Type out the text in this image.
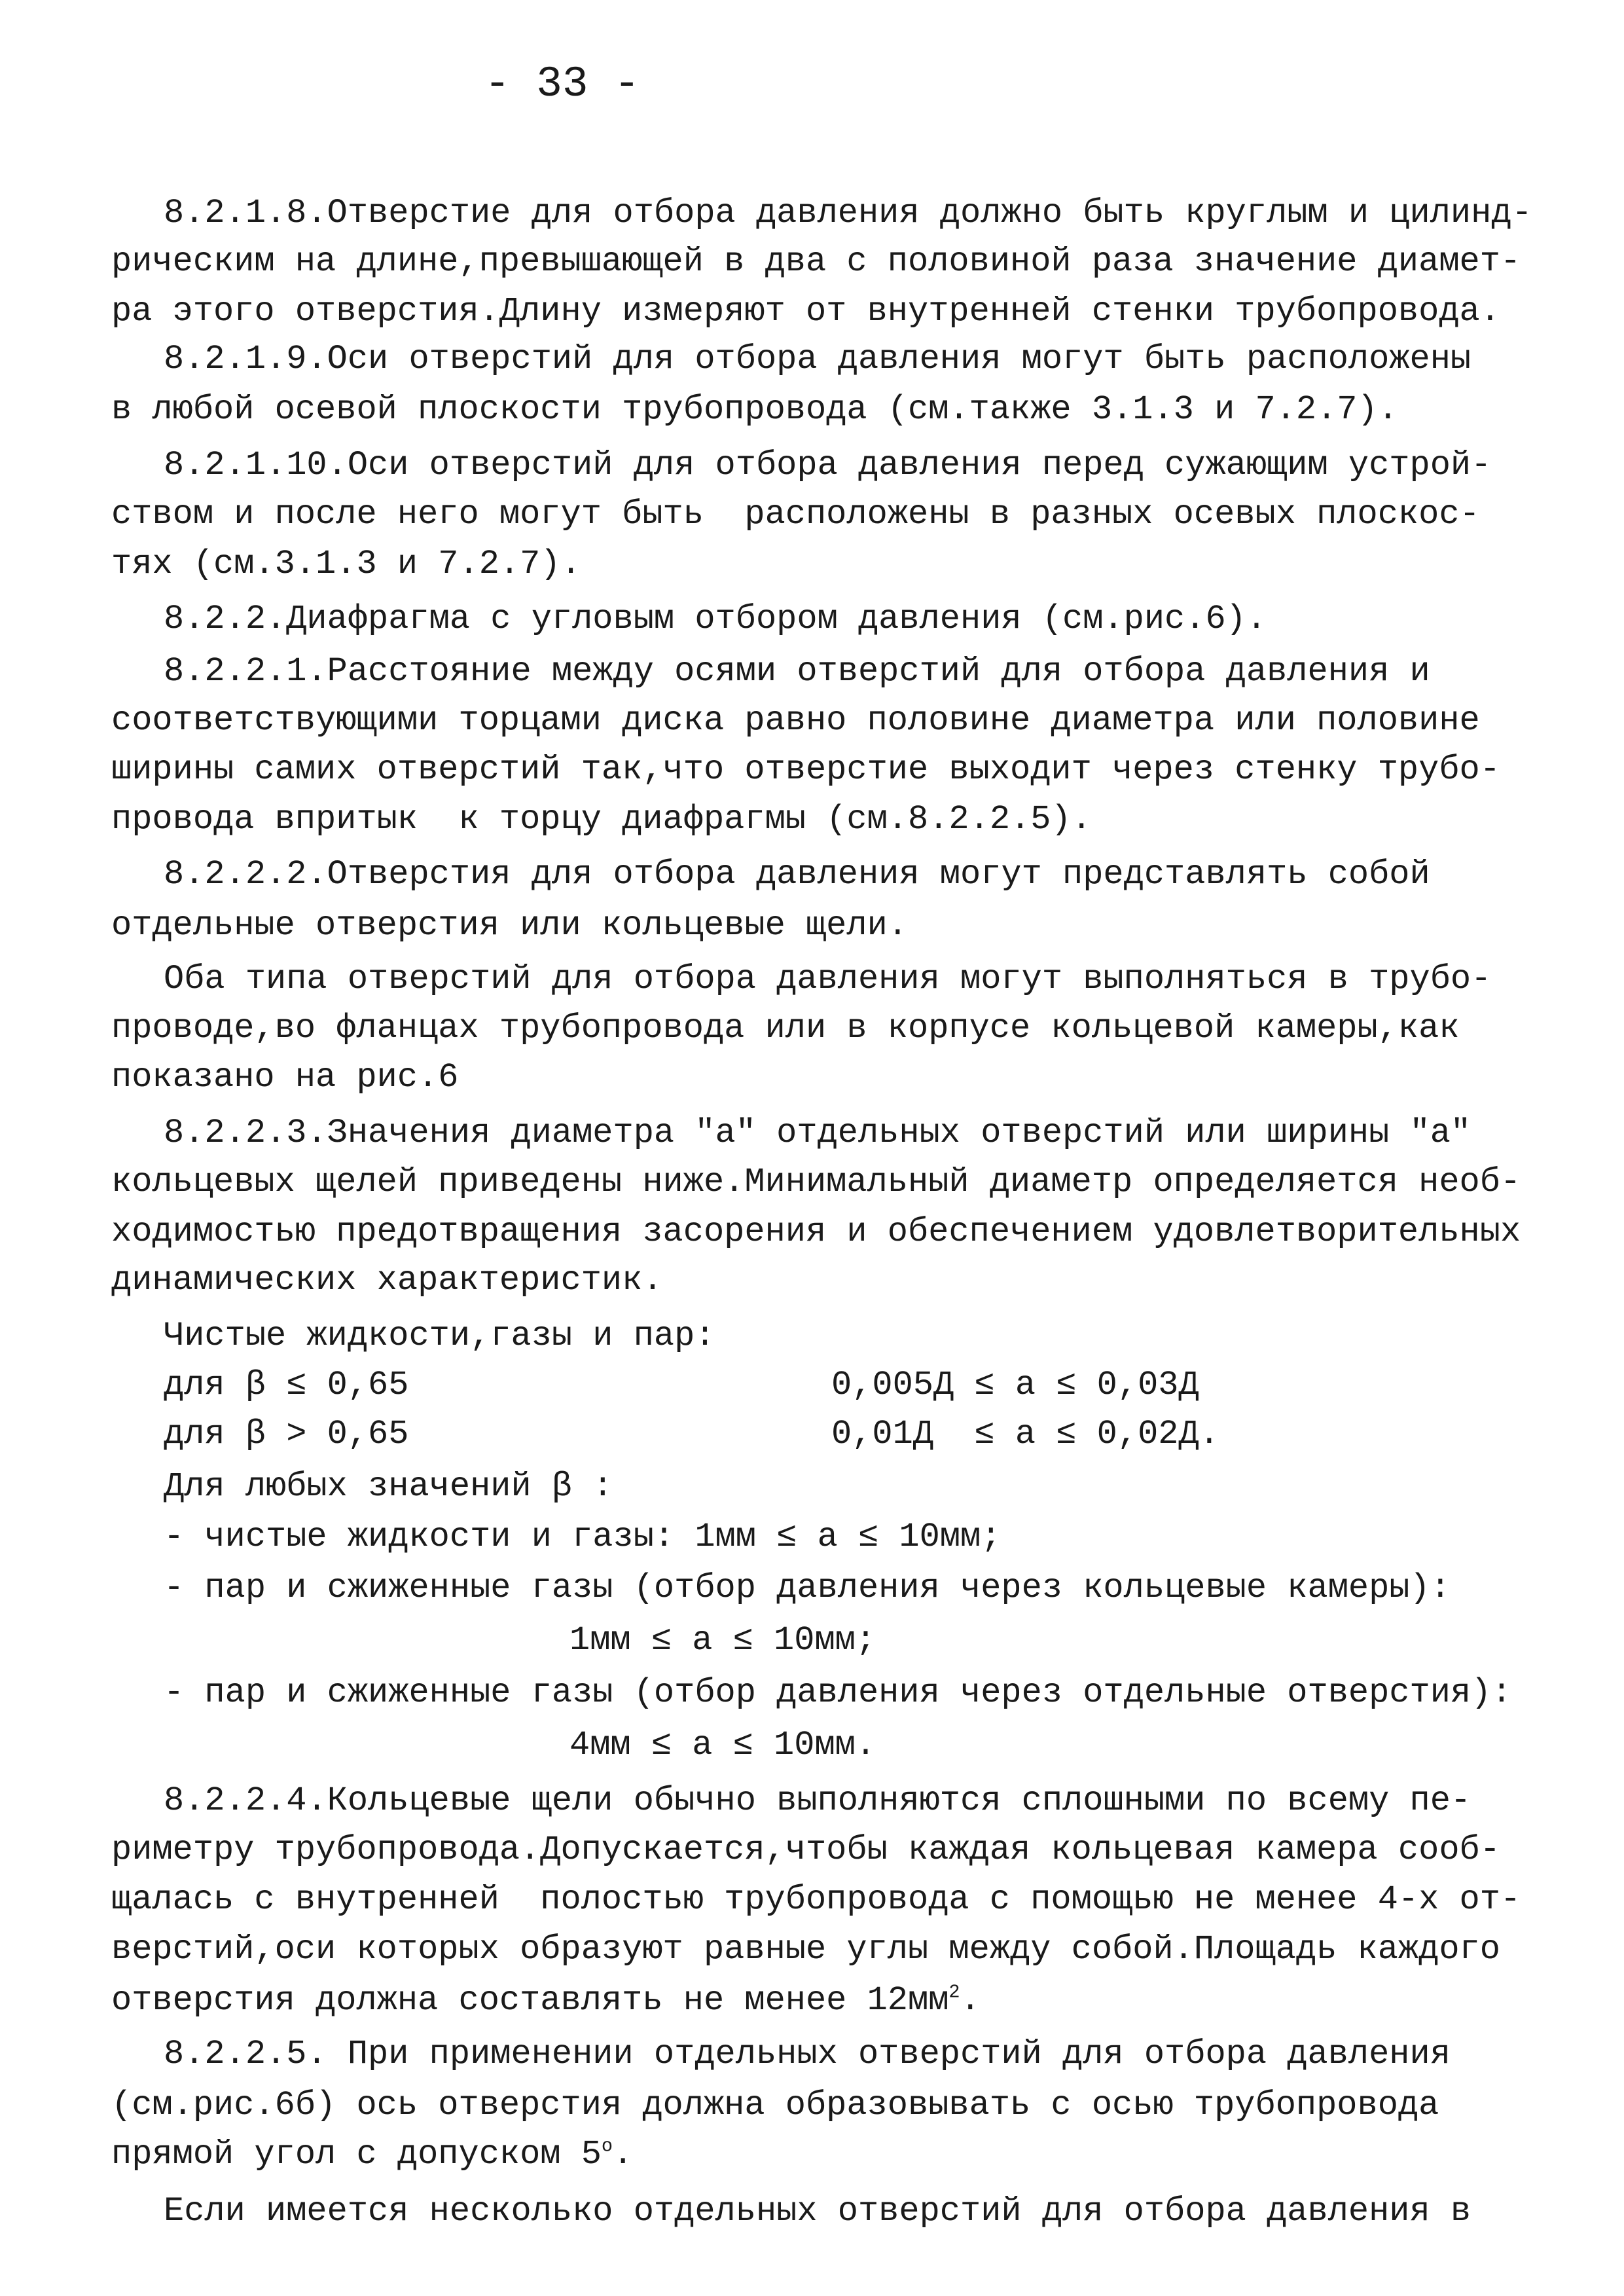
- 33 -
8.2.1.8.Отверстие для отбора давления должно быть круглым и цилинд-
рическим на длине,превышающей в два с половиной раза значение диамет-
ра этого отверстия.Длину измеряют от внутренней стенки трубопровода.
8.2.1.9.Оси отверстий для отбора давления могут быть расположены
в любой осевой плоскости трубопровода (см.также 3.1.3 и 7.2.7).
8.2.1.10.Оси отверстий для отбора давления перед сужающим устрой-
ством и после него могут быть  расположены в разных осевых плоскос-
тях (см.3.1.3 и 7.2.7).
8.2.2.Диафрагма с угловым отбором давления (см.рис.6).
8.2.2.1.Расстояние между осями отверстий для отбора давления и
соответствующими торцами диска равно половине диаметра или половине
ширины самих отверстий так,что отверстие выходит через стенку трубо-
провода впритык  к торцу диафрагмы (см.8.2.2.5).
8.2.2.2.Отверстия для отбора давления могут представлять собой
отдельные отверстия или кольцевые щели.
Оба типа отверстий для отбора давления могут выполняться в трубо-
проводе,во фланцах трубопровода или в корпусе кольцевой камеры,как
показано на рис.6
8.2.2.3.Значения диаметра "а" отдельных отверстий или ширины "а"
кольцевых щелей приведены ниже.Минимальный диаметр определяется необ-
ходимостью предотвращения засорения и обеспечением удовлетворительных
динамических характеристик.
Чистые жидкости,газы и пар:
для β ≤ 0,65	0,005Д ≤ а ≤ 0,03Д
для β > 0,65	0,01Д  ≤ а ≤ 0,02Д.
Для любых значений β :
- чистые жидкости и газы: 1мм ≤ а ≤ 10мм;
- пар и сжиженные газы (отбор давления через кольцевые камеры):
1мм ≤ а ≤ 10мм;
- пар и сжиженные газы (отбор давления через отдельные отверстия):
4мм ≤ а ≤ 10мм.
8.2.2.4.Кольцевые щели обычно выполняются сплошными по всему пе-
риметру трубопровода.Допускается,чтобы каждая кольцевая камера сооб-
щалась с внутренней  полостью трубопровода с помощью не менее 4-х от-
верстий,оси которых образуют равные углы между собой.Площадь каждого
отверстия должна составлять не менее $12мм^2$.
8.2.2.5. При применении отдельных отверстий для отбора давления
(см.рис.6б) ось отверстия должна образовывать с осью трубопровода
прямой угол с допуском $5^о$.
Если имеется несколько отдельных отверстий для отбора давления в
